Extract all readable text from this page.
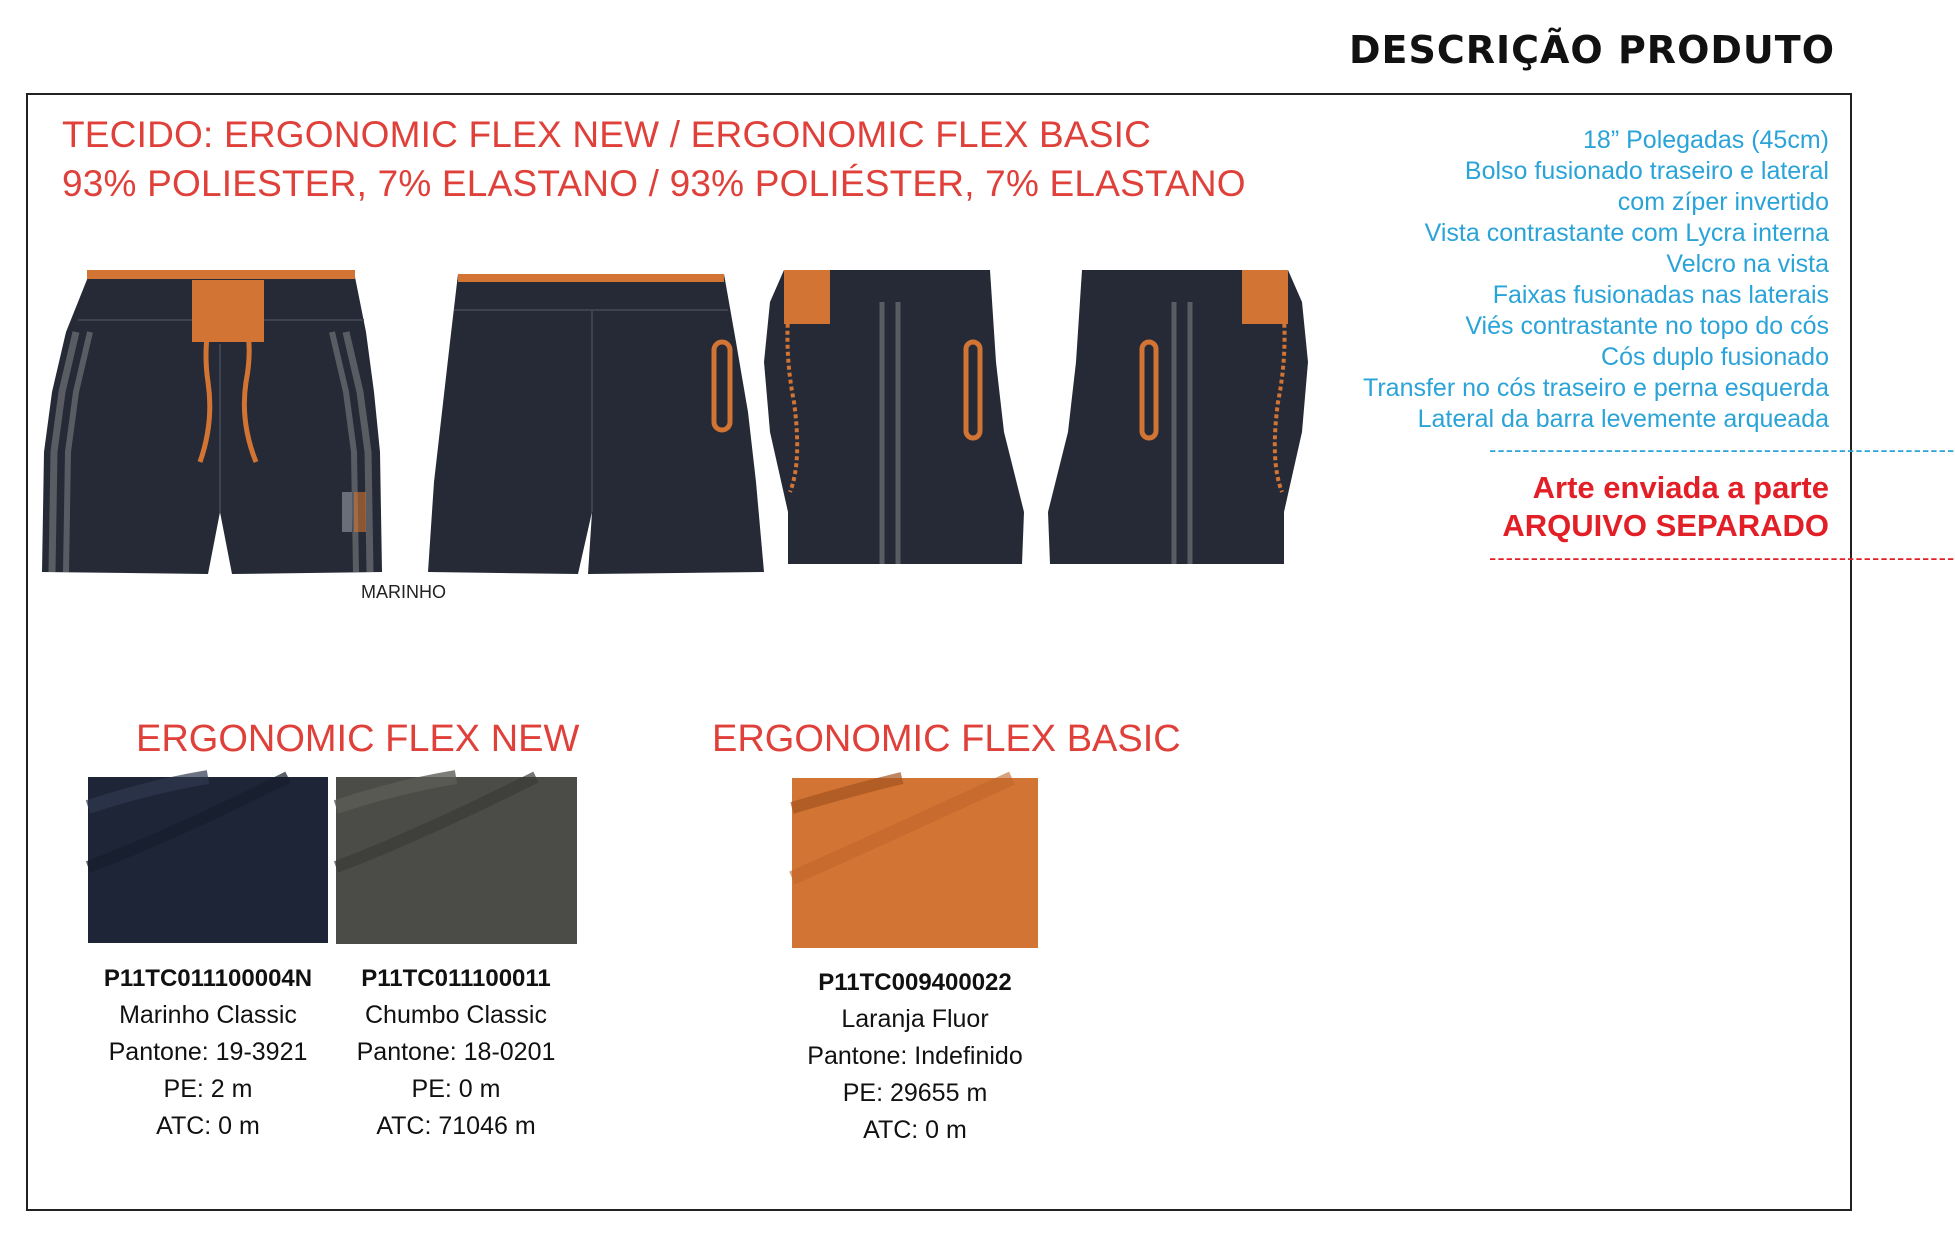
DESCRIÇÃO PRODUTO
TECIDO: ERGONOMIC FLEX NEW / ERGONOMIC FLEX BASIC
93% POLIESTER, 7% ELASTANO / 93% POLIÉSTER, 7% ELASTANO
18” Polegadas (45cm)
Bolso fusionado traseiro e lateral
com zíper invertido
Vista contrastante com Lycra interna
Velcro na vista
Faixas fusionadas nas laterais
Viés contrastante no topo do cós
Cós duplo fusionado
Transfer no cós traseiro e perna esquerda
Lateral da barra levemente arqueada
--------------------------------------------------------
Arte enviada a parte
ARQUIVO SEPARADO
--------------------------------------------------------
MARINHO
ERGONOMIC FLEX NEW	ERGONOMIC FLEX BASIC
P11TC011100004N
Marinho Classic
Pantone: 19-3921
PE: 2 m
ATC: 0 m
P11TC011100011
Chumbo Classic
Pantone: 18-0201
PE: 0 m
ATC: 71046 m
P11TC009400022
Laranja Fluor
Pantone: Indefinido
PE: 29655 m
ATC: 0 m
